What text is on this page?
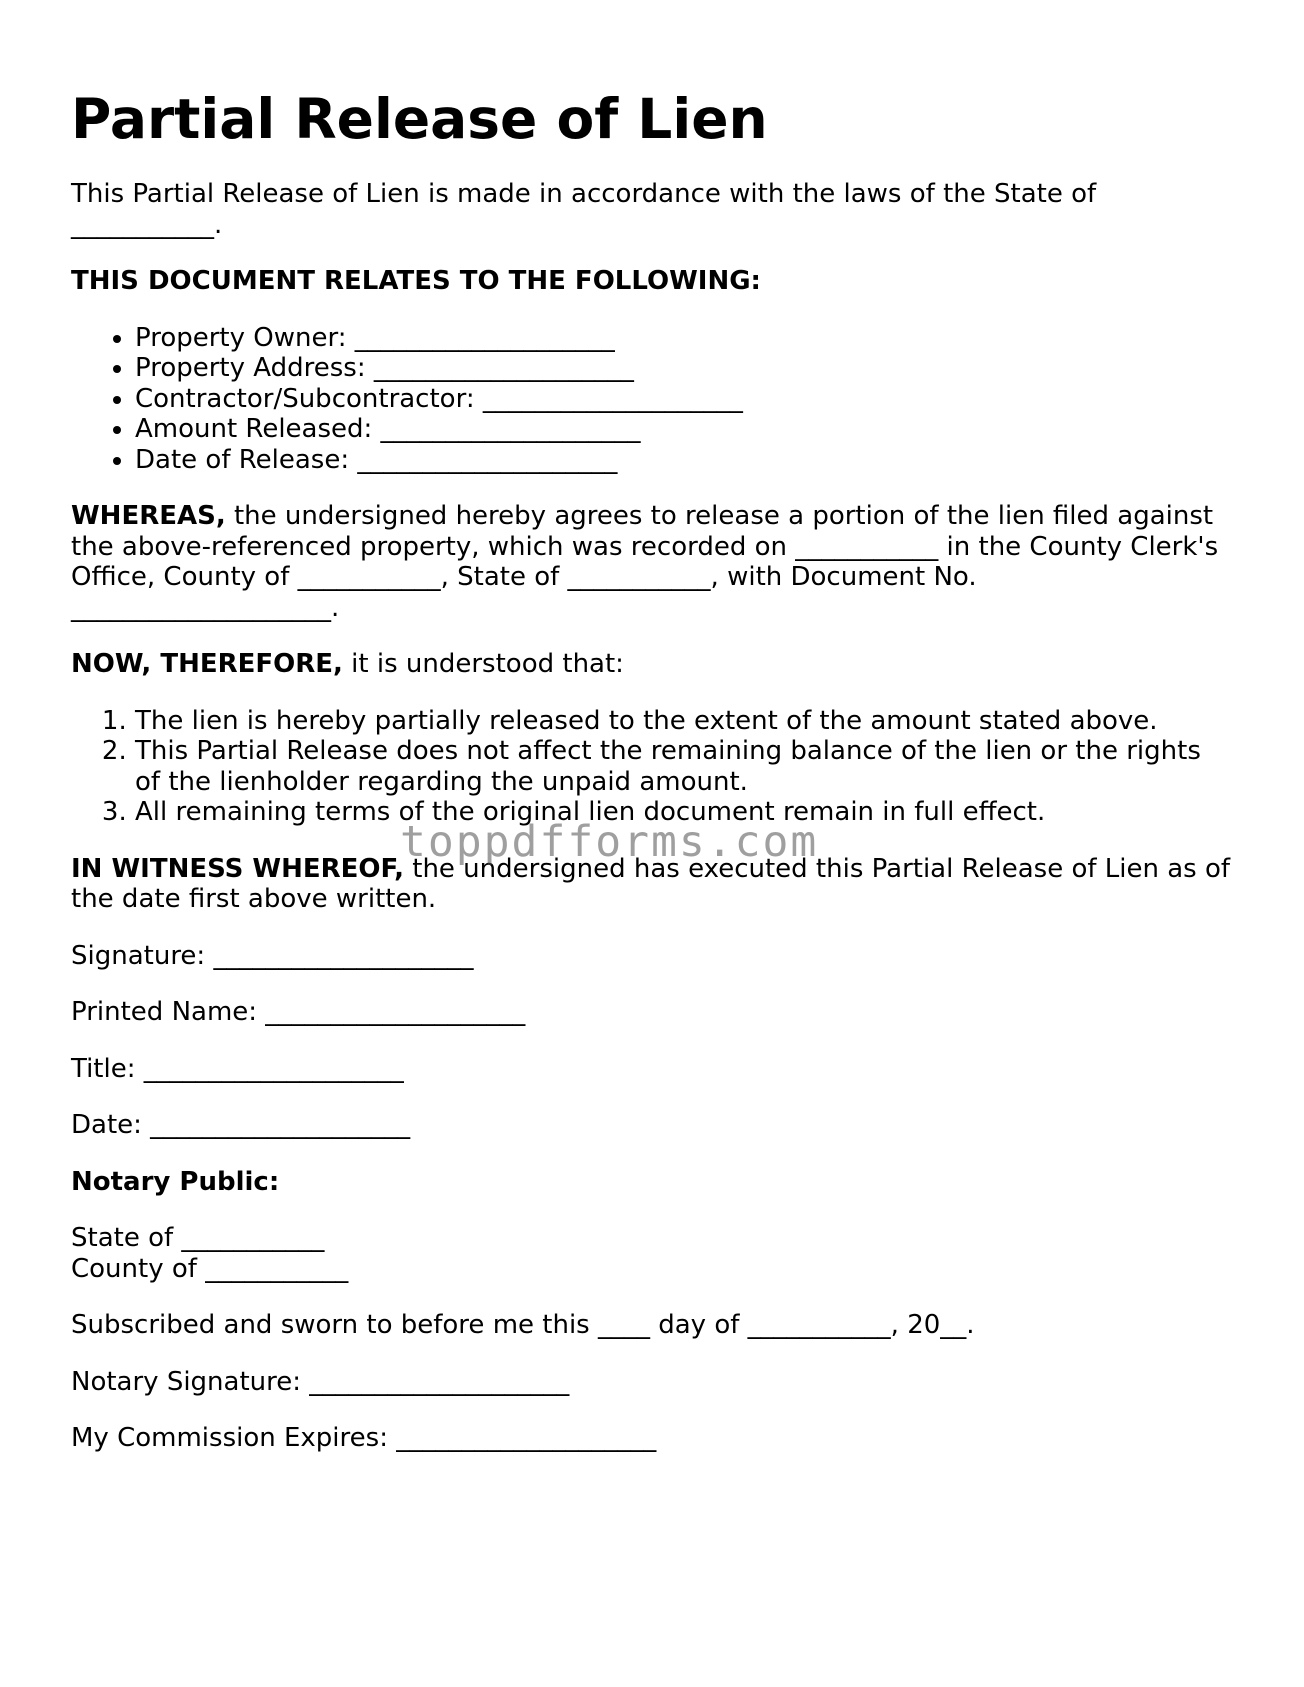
Partial Release of Lien

This Partial Release of Lien is made in accordance with the laws of the State of ___________.

THIS DOCUMENT RELATES TO THE FOLLOWING:

• Property Owner: ____________________
• Property Address: ____________________
• Contractor/Subcontractor: ____________________
• Amount Released: ____________________
• Date of Release: ____________________

WHEREAS, the undersigned hereby agrees to release a portion of the lien filed against the above-referenced property, which was recorded on ___________ in the County Clerk's Office, County of ___________, State of ___________, with Document No. ____________________.

NOW, THEREFORE, it is understood that:

1. The lien is hereby partially released to the extent of the amount stated above.
2. This Partial Release does not affect the remaining balance of the lien or the rights of the lienholder regarding the unpaid amount.
3. All remaining terms of the original lien document remain in full effect.

IN WITNESS WHEREOF, the undersigned has executed this Partial Release of Lien as of the date first above written.

Signature: ____________________

Printed Name: ____________________

Title: ____________________

Date: ____________________

Notary Public:

State of ___________

County of ___________

Subscribed and sworn to before me this ____ day of ___________, 20__.

Notary Signature: ____________________

My Commission Expires: ____________________

toppdfforms.com
